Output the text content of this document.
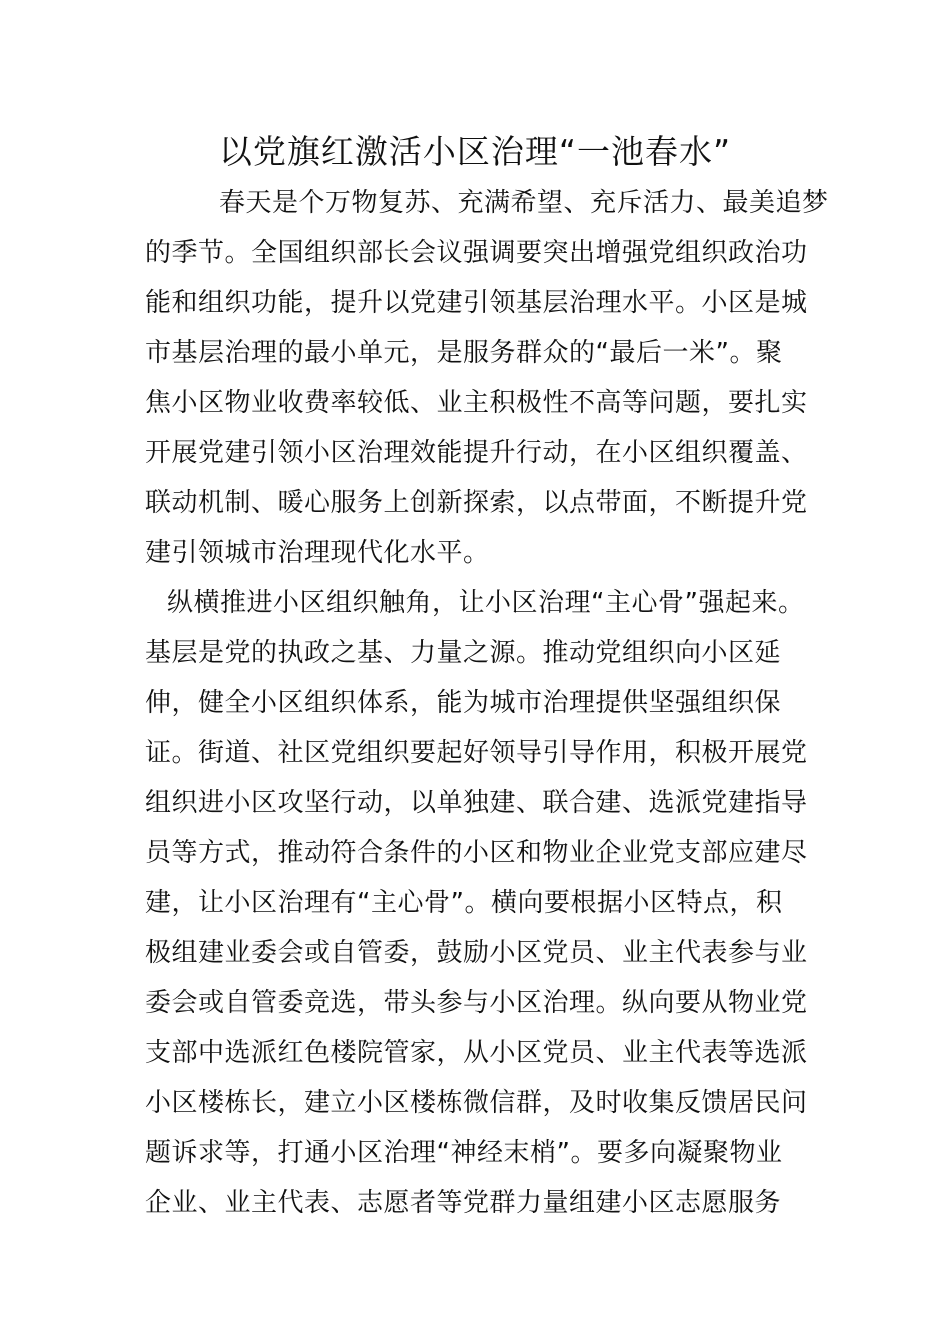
以党旗红激活小区治理“一池春水”
春天是个万物复苏、充满希望、充斥活力、最美追梦
的季节。全国组织部长会议强调要突出增强党组织政治功
能和组织功能，提升以党建引领基层治理水平。小区是城
市基层治理的最小单元，是服务群众的“最后一米”。聚
焦小区物业收费率较低、业主积极性不高等问题，要扎实
开展党建引领小区治理效能提升行动，在小区组织覆盖、
联动机制、暖心服务上创新探索，以点带面，不断提升党
建引领城市治理现代化水平。
纵横推进小区组织触角，让小区治理“主心骨”强起来。
基层是党的执政之基、力量之源。推动党组织向小区延
伸，健全小区组织体系，能为城市治理提供坚强组织保
证。街道、社区党组织要起好领导引导作用，积极开展党
组织进小区攻坚行动，以单独建、联合建、选派党建指导
员等方式，推动符合条件的小区和物业企业党支部应建尽
建，让小区治理有“主心骨”。横向要根据小区特点，积
极组建业委会或自管委，鼓励小区党员、业主代表参与业
委会或自管委竞选，带头参与小区治理。纵向要从物业党
支部中选派红色楼院管家，从小区党员、业主代表等选派
小区楼栋长，建立小区楼栋微信群，及时收集反馈居民问
题诉求等，打通小区治理“神经末梢”。要多向凝聚物业
企业、业主代表、志愿者等党群力量组建小区志愿服务
